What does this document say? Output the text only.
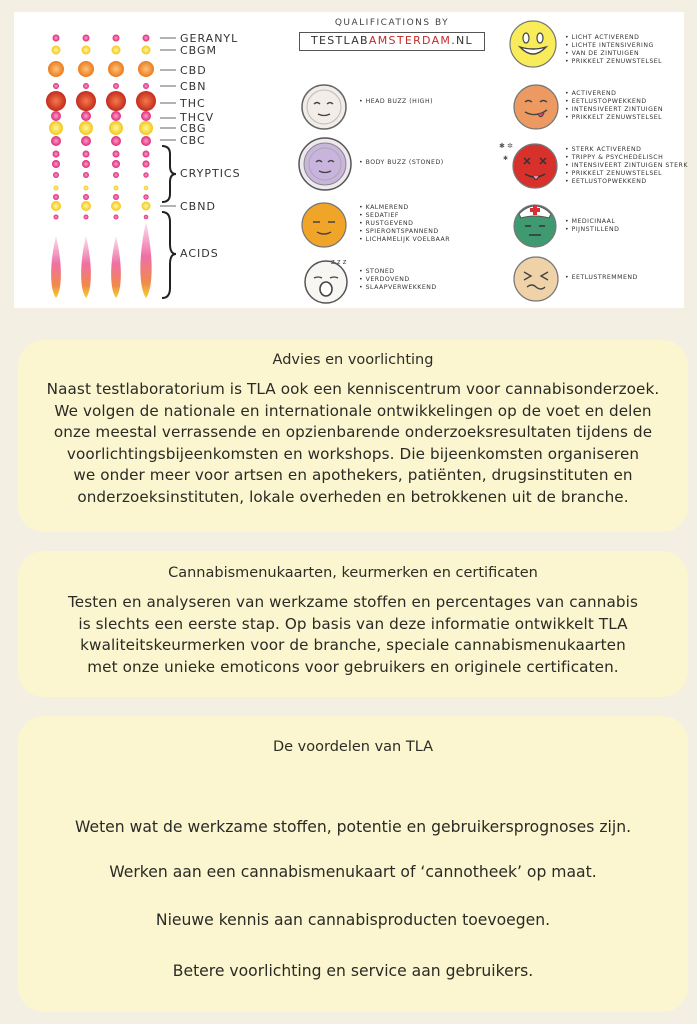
GERANYL
CBGM
CBD
CBN
THC
THCV
CBG
CBC
CRYPTICS
CBND
ACIDS
QUALIFICATIONS BY
TESTLABAMSTERDAM.NL
• HEAD BUZZ (HIGH)
• BODY BUZZ (STONED)
• KALMEREND
• SEDATIEF
• RUSTGEVEND
• SPIERONTSPANNEND
• LICHAMELIJK VOELBAAR
z z z
• STONED
• VERDOVEND
• SLAAPVERWEKKEND
• LICHT ACTIVEREND
• LICHTE INTENSIVERING
• VAN DE ZINTUIGEN
• PRIKKELT ZENUWSTELSEL
• ACTIVEREND
• EETLUSTOPWEKKEND
• INTENSIVEERT ZINTUIGEN
• PRIKKELT ZENUWSTELSEL
✱ ✲
✱
• STERK ACTIVEREND
• TRIPPY & PSYCHEDELISCH
• INTENSIVEERT ZINTUIGEN STERK
• PRIKKELT ZENUWSTELSEL
• EETLUSTOPWEKKEND
• MEDICINAAL
• PIJNSTILLEND
• EETLUSTREMMEND
Advies en voorlichting
Naast testlaboratorium is TLA ook een kenniscentrum voor cannabisonderzoek.
We volgen de nationale en internationale ontwikkelingen op de voet en delen
onze meestal verrassende en opzienbarende onderzoeksresultaten tijdens de
voorlichtingsbijeenkomsten en workshops. Die bijeenkomsten organiseren
we onder meer voor artsen en apothekers, patiënten, drugsinstituten en
onderzoeksinstituten, lokale overheden en betrokkenen uit de branche.
Cannabismenukaarten, keurmerken en certificaten
Testen en analyseren van werkzame stoffen en percentages van cannabis
is slechts een eerste stap. Op basis van deze informatie ontwikkelt TLA
kwaliteitskeurmerken voor de branche, speciale cannabismenukaarten
met onze unieke emoticons voor gebruikers en originele certificaten.
De voordelen van TLA
Weten wat de werkzame stoffen, potentie en gebruikersprognoses zijn.
Werken aan een cannabismenukaart of ‘cannotheek’ op maat.
Nieuwe kennis aan cannabisproducten toevoegen.
Betere voorlichting en service aan gebruikers.
